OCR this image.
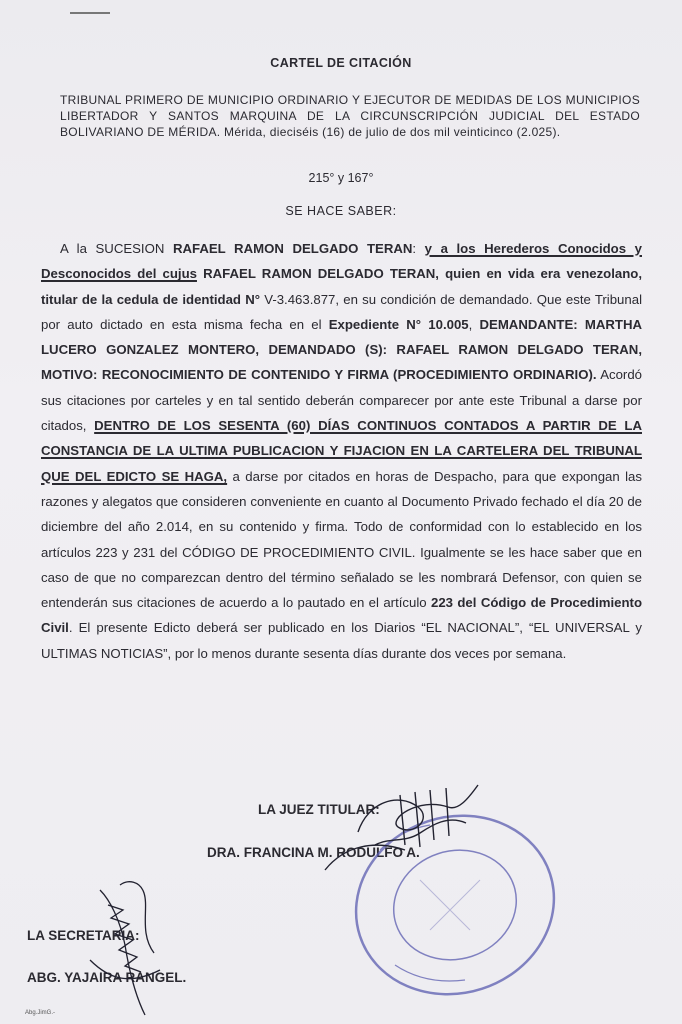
CARTEL DE CITACIÓN
TRIBUNAL PRIMERO DE MUNICIPIO ORDINARIO Y EJECUTOR DE MEDIDAS DE LOS MUNICIPIOS LIBERTADOR Y SANTOS MARQUINA DE LA CIRCUNSCRIPCIÓN JUDICIAL DEL ESTADO BOLIVARIANO DE MÉRIDA. Mérida, dieciséis (16) de julio de dos mil veinticinco (2.025).
215° y 167°
SE HACE SABER:
A la SUCESION RAFAEL RAMON DELGADO TERAN: y a los Herederos Conocidos y Desconocidos del cujus RAFAEL RAMON DELGADO TERAN, quien en vida era venezolano, titular de la cedula de identidad N° V-3.463.877, en su condición de demandado. Que este Tribunal por auto dictado en esta misma fecha en el Expediente N° 10.005, DEMANDANTE: MARTHA LUCERO GONZALEZ MONTERO, DEMANDADO (S): RAFAEL RAMON DELGADO TERAN, MOTIVO: RECONOCIMIENTO DE CONTENIDO Y FIRMA (PROCEDIMIENTO ORDINARIO). Acordó sus citaciones por carteles y en tal sentido deberán comparecer por ante este Tribunal a darse por citados, DENTRO DE LOS SESENTA (60) DÍAS CONTINUOS CONTADOS A PARTIR DE LA CONSTANCIA DE LA ULTIMA PUBLICACION Y FIJACION EN LA CARTELERA DEL TRIBUNAL QUE DEL EDICTO SE HAGA, a darse por citados en horas de Despacho, para que expongan las razones y alegatos que consideren conveniente en cuanto al Documento Privado fechado el día 20 de diciembre del año 2.014, en su contenido y firma. Todo de conformidad con lo establecido en los artículos 223 y 231 del CÓDIGO DE PROCEDIMIENTO CIVIL. Igualmente se les hace saber que en caso de que no comparezcan dentro del término señalado se les nombrará Defensor, con quien se entenderán sus citaciones de acuerdo a lo pautado en el artículo 223 del Código de Procedimiento Civil. El presente Edicto deberá ser publicado en los Diarios “EL NACIONAL”, “EL UNIVERSAL y ULTIMAS NOTICIAS”, por lo menos durante sesenta días durante dos veces por semana.
LA JUEZ TITULAR:
DRA. FRANCINA M. RODULFO A.
LA SECRETARIA:
ABG. YAJAIRA RANGEL.
Abg.JimG.-
